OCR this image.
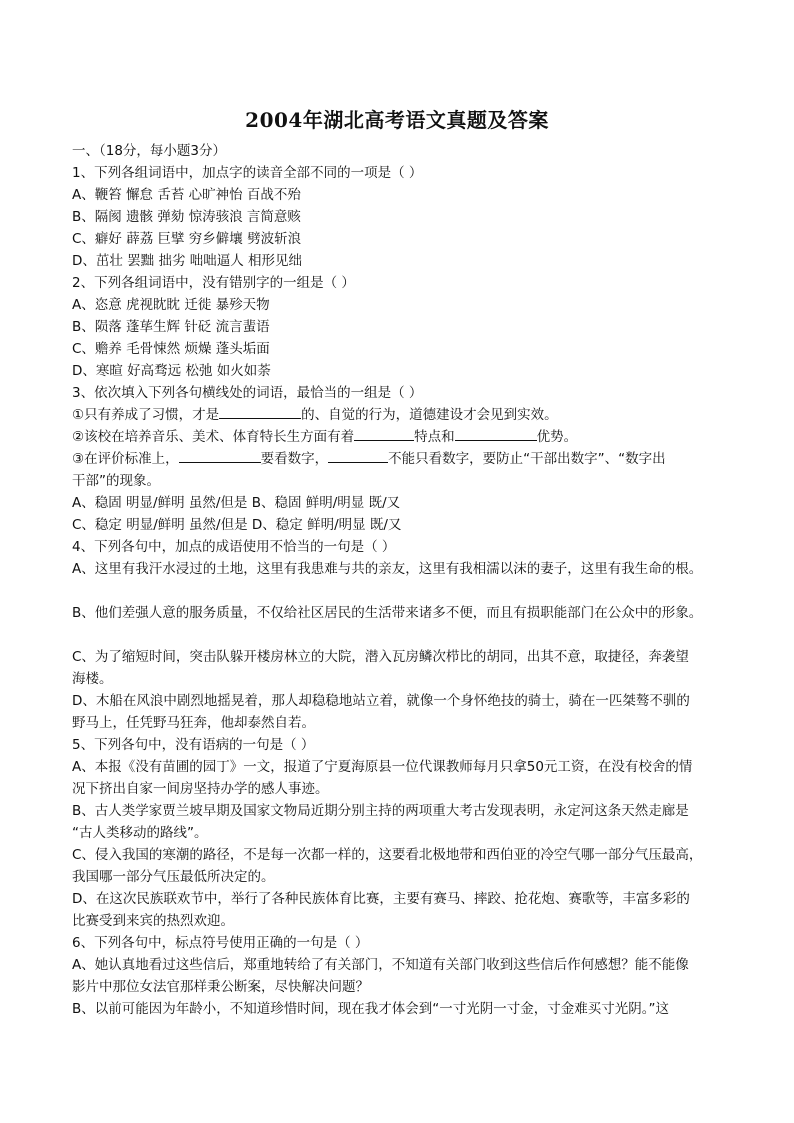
2004年湖北高考语文真题及答案
一、（18分，每小题3分）
1、下列各组词语中，加点字的读音全部不同的一项是（ ）
A、鞭笞 懈怠 舌苔 心旷神怡 百战不殆
B、隔阂 遗骸 弹劾 惊涛骇浪 言简意赅
C、癖好 薜荔 巨擘 穷乡僻壤 劈波斩浪
D、茁壮 罢黜 拙劣 咄咄逼人 相形见绌
2、下列各组词语中，没有错别字的一组是（ ）
A、恣意 虎视眈眈 迁徙 暴殄天物
B、陨落 蓬荜生辉 针砭 流言蜚语
C、赡养 毛骨悚然 烦燥 蓬头垢面
D、寒暄 好高骛远 松弛 如火如荼
3、依次填入下列各句横线处的词语，最恰当的一组是（ ）
①只有养成了习惯，才是	的、自觉的行为，道德建设才会见到实效。
②该校在培养音乐、美术、体育特长生方面有着	特点和	优势。
③在评价标准上，	要看数字，	不能只看数字，要防止“干部出数字”、“数字出
干部”的现象。
A、稳固 明显/鲜明 虽然/但是 B、稳固 鲜明/明显 既/又
C、稳定 明显/鲜明 虽然/但是 D、稳定 鲜明/明显 既/又
4、下列各句中，加点的成语使用不恰当的一句是（ ）
A、这里有我汗水浸过的土地，这里有我患难与共的亲友，这里有我相濡以沫的妻子，这里有我生命的根。
B、他们差强人意的服务质量，不仅给社区居民的生活带来诸多不便，而且有损职能部门在公众中的形象。
C、为了缩短时间，突击队躲开楼房林立的大院，潜入瓦房鳞次栉比的胡同，出其不意，取捷径，奔袭望
海楼。
D、木船在风浪中剧烈地摇晃着，那人却稳稳地站立着，就像一个身怀绝技的骑士，骑在一匹桀骜不驯的
野马上，任凭野马狂奔，他却泰然自若。
5、下列各句中，没有语病的一句是（ ）
A、本报《没有苗圃的园丁》一文，报道了宁夏海原县一位代课教师每月只拿50元工资，在没有校舍的情
况下挤出自家一间房坚持办学的感人事迹。
B、古人类学家贾兰坡早期及国家文物局近期分别主持的两项重大考古发现表明，永定河这条天然走廊是
“古人类移动的路线”。
C、侵入我国的寒潮的路径，不是每一次都一样的，这要看北极地带和西伯亚的冷空气哪一部分气压最高，
我国哪一部分气压最低所决定的。
D、在这次民族联欢节中，举行了各种民族体育比赛，主要有赛马、摔跤、抢花炮、赛歌等，丰富多彩的
比赛受到来宾的热烈欢迎。
6、下列各句中，标点符号使用正确的一句是（ ）
A、她认真地看过这些信后，郑重地转给了有关部门，不知道有关部门收到这些信后作何感想？能不能像
影片中那位女法官那样秉公断案，尽快解决问题？
B、以前可能因为年龄小，不知道珍惜时间，现在我才体会到“一寸光阴一寸金，寸金难买寸光阴。”这
